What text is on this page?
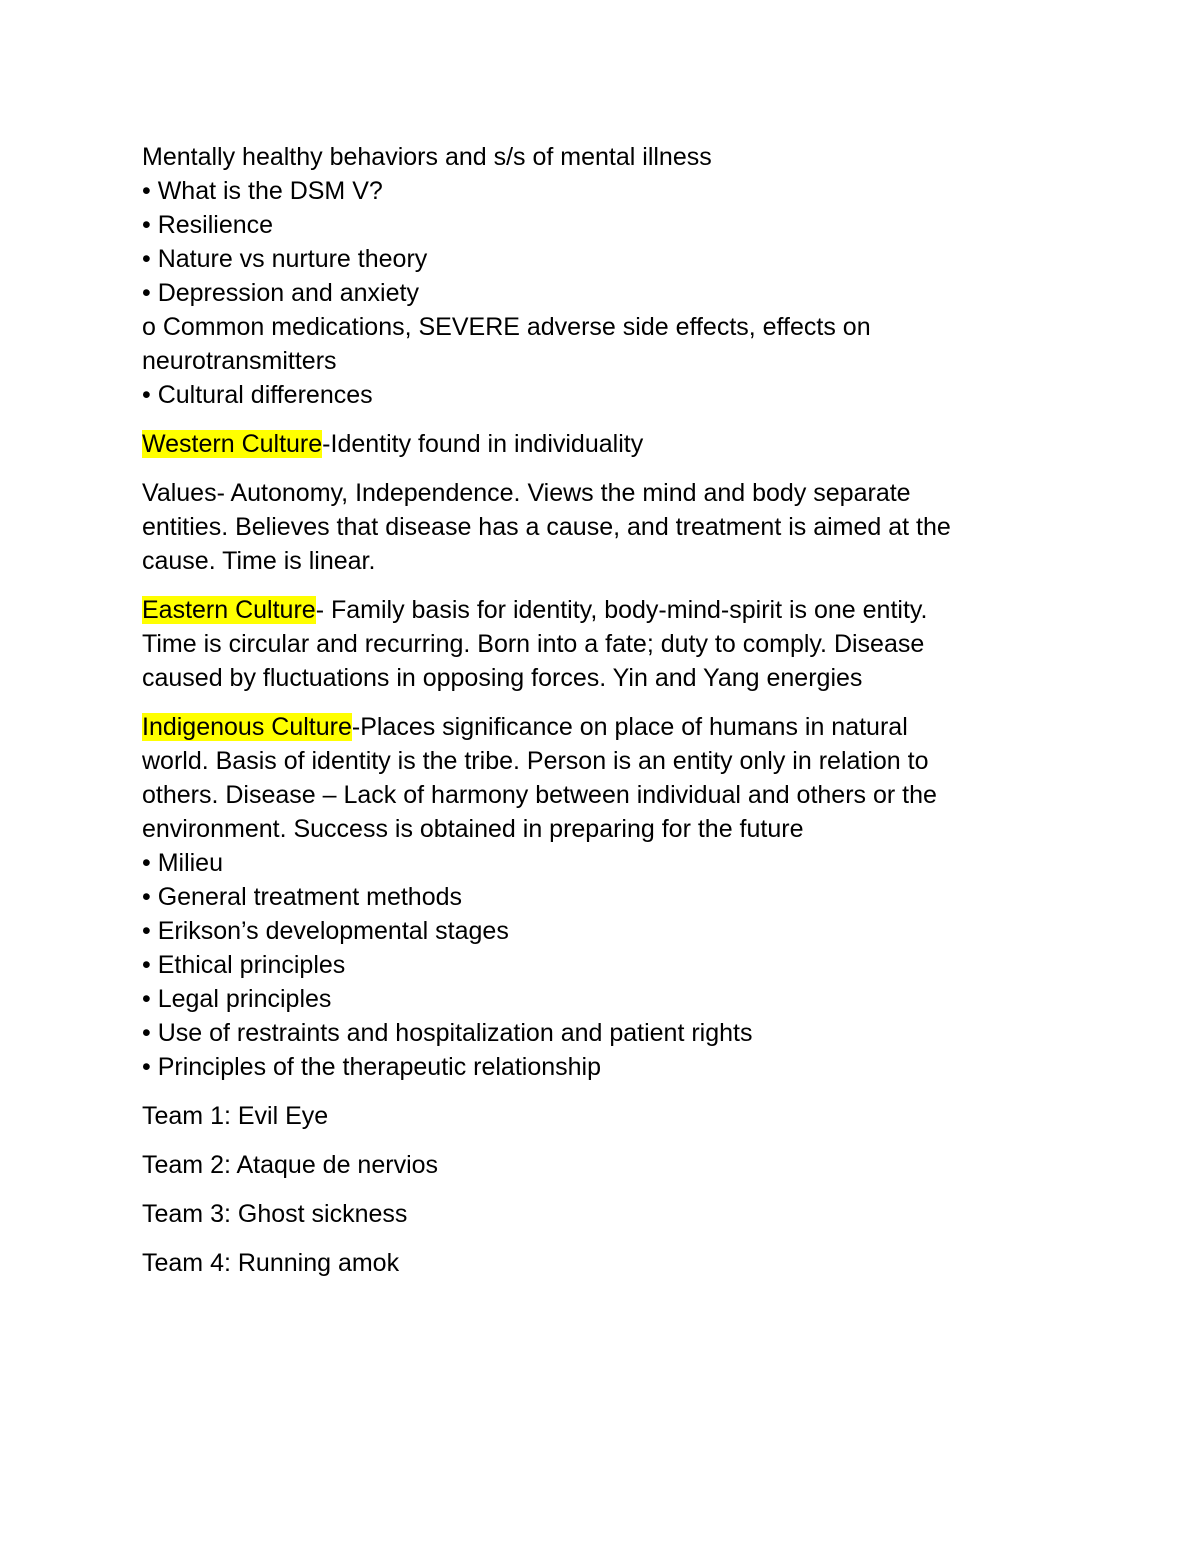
Mentally healthy behaviors and s/s of mental illness

• What is the DSM V?

• Resilience

• Nature vs nurture theory

• Depression and anxiety

o Common medications, SEVERE adverse side effects, effects on

neurotransmitters

• Cultural differences

Western Culture-Identity found in individuality

Values- Autonomy, Independence. Views the mind and body separate

entities. Believes that disease has a cause, and treatment is aimed at the

cause. Time is linear.

Eastern Culture- Family basis for identity, body-mind-spirit is one entity.

Time is circular and recurring. Born into a fate; duty to comply. Disease

caused by fluctuations in opposing forces. Yin and Yang energies

Indigenous Culture-Places significance on place of humans in natural

world. Basis of identity is the tribe. Person is an entity only in relation to

others. Disease – Lack of harmony between individual and others or the

environment. Success is obtained in preparing for the future

• Milieu

• General treatment methods

• Erikson’s developmental stages

• Ethical principles

• Legal principles

• Use of restraints and hospitalization and patient rights

• Principles of the therapeutic relationship

Team 1: Evil Eye

Team 2: Ataque de nervios

Team 3: Ghost sickness

Team 4: Running amok
